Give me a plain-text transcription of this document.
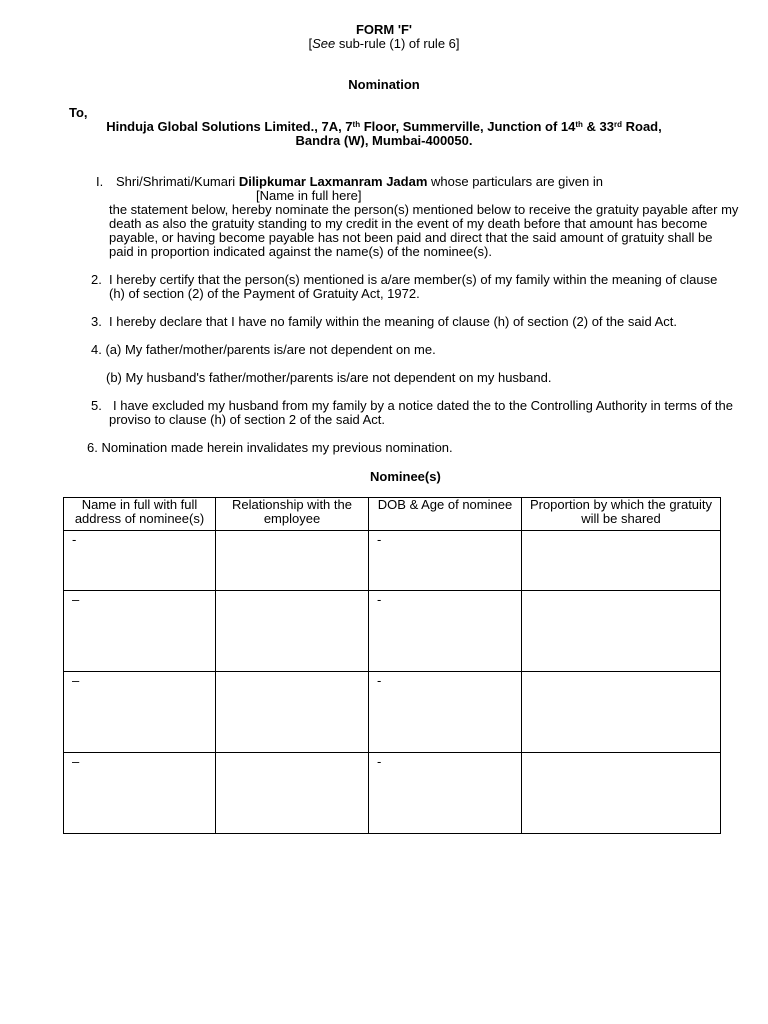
FORM 'F'
[See sub-rule (1) of rule 6]
Nomination
To,
Hinduja Global Solutions Limited., 7A, 7th Floor, Summerville, Junction of 14th & 33rd Road,
Bandra (W), Mumbai-400050.
I. Shri/Shrimati/Kumari Dilipkumar Laxmanram Jadam whose particulars are given in
[Name in full here]
the statement below, hereby nominate the person(s) mentioned below to receive the gratuity payable after my death as also the gratuity standing to my credit in the event of my death before that amount has become payable, or having become payable has not been paid and direct that the said amount of gratuity shall be paid in proportion indicated against the name(s) of the nominee(s).
2. I hereby certify that the person(s) mentioned is a/are member(s) of my family within the meaning of clause (h) of section (2) of the Payment of Gratuity Act, 1972.
3. I hereby declare that I have no family within the meaning of clause (h) of section (2) of the said Act.
4. (a) My father/mother/parents is/are not dependent on me.
(b) My husband's father/mother/parents is/are not dependent on my husband.
5. I have excluded my husband from my family by a notice dated the to the Controlling Authority in terms of the proviso to clause (h) of section 2 of the said Act.
6. Nomination made herein invalidates my previous nomination.
Nominee(s)
Name in full with full address of nominee(s)	Relationship with the employee	DOB & Age of nominee	Proportion by which the gratuity will be shared
-		-	
–		-	
–		-	
–		-	
